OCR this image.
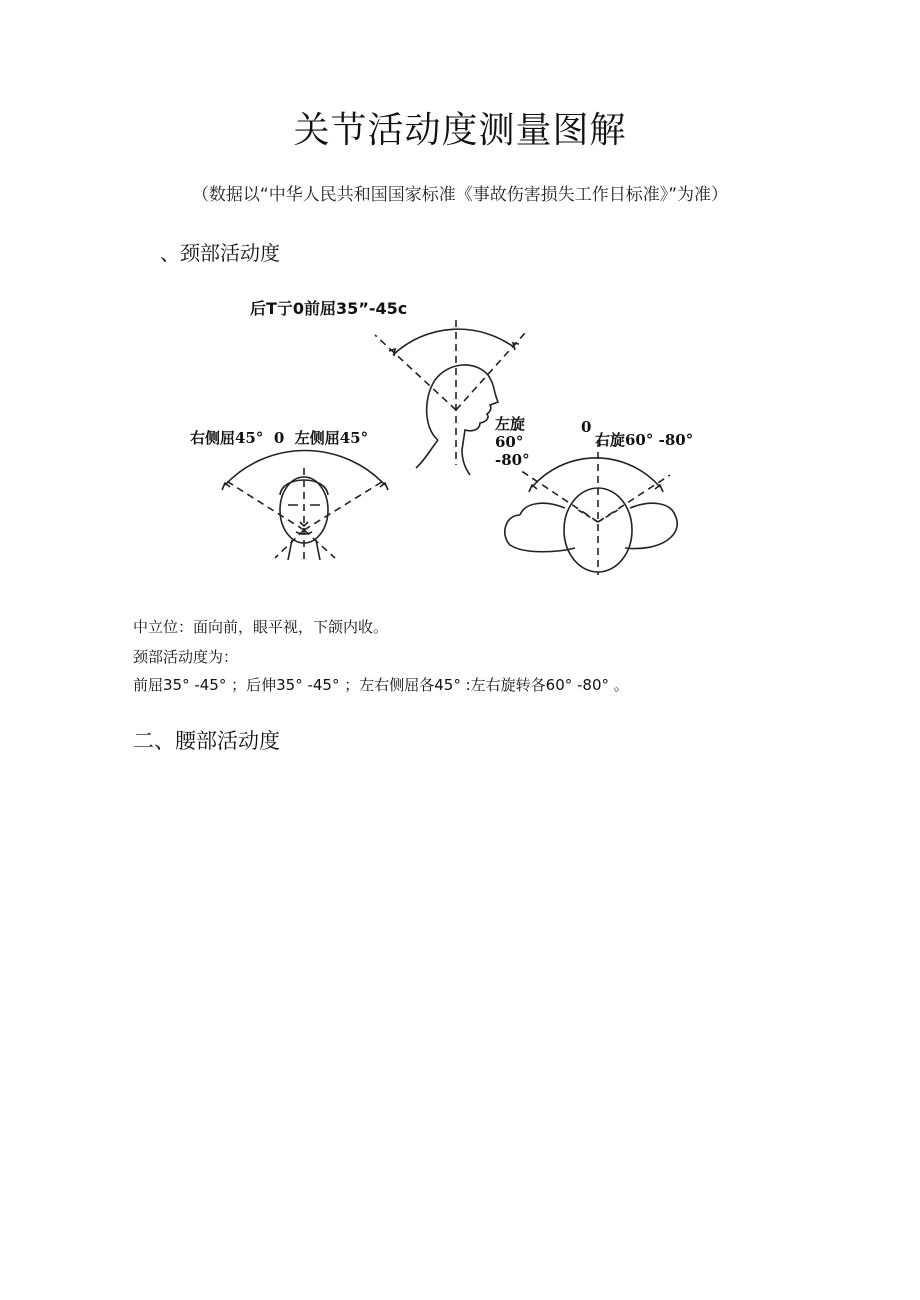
关节活动度测量图解
（数据以“中华人民共和国国家标准《事故伤害损失工作日标准》”为准）
、颈部活动度
后T亍0前屈35”-45c
右侧屈45°  0  左侧屈45°
左旋 60° -80°
0
右旋60° -80°
中立位：面向前，眼平视，下颌内收。
颈部活动度为：
前屈35° -45° ；后伸35° -45° ；左右侧屈各45° :左右旋转各60° -80° 。
二、腰部活动度
